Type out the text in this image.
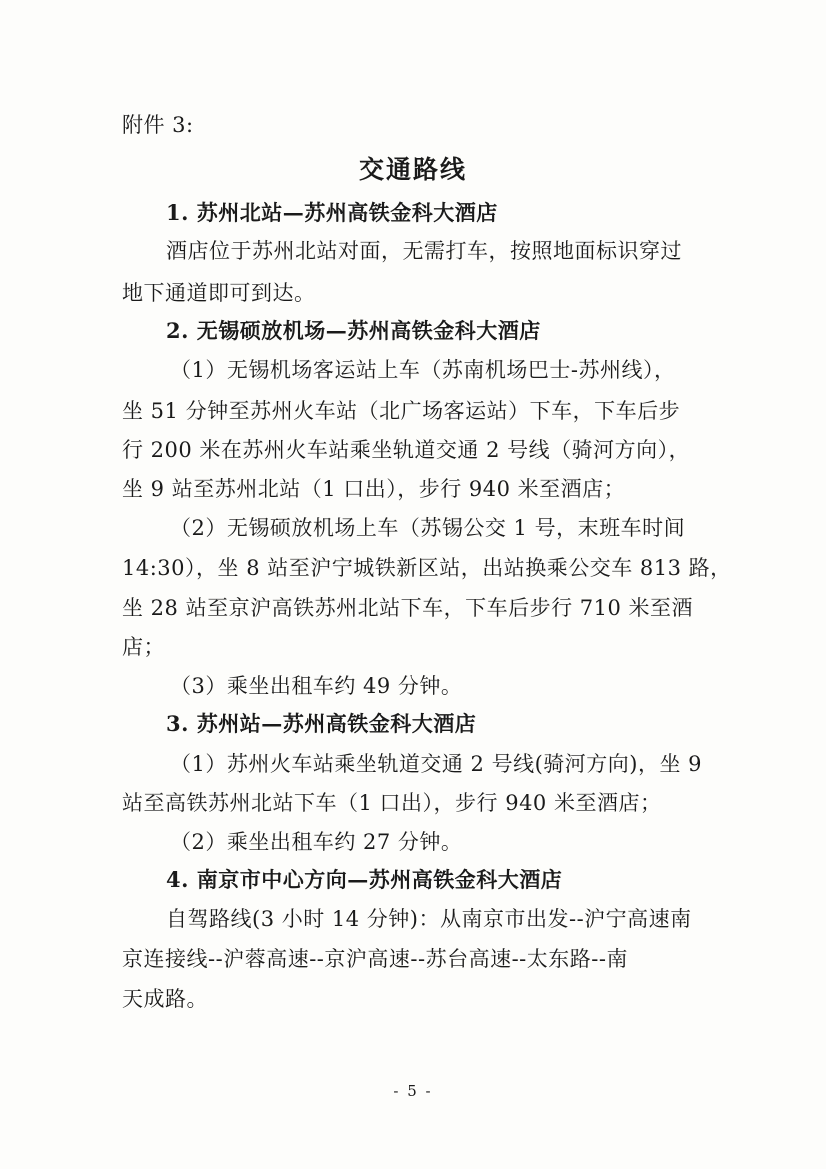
附件 3:
交通路线
1. 苏州北站—苏州高铁金科大酒店
酒店位于苏州北站对面，无需打车，按照地面标识穿过
地下通道即可到达。
2. 无锡硕放机场—苏州高铁金科大酒店
（1）无锡机场客运站上车（苏南机场巴士-苏州线），
坐 51 分钟至苏州火车站（北广场客运站）下车，下车后步
行 200 米在苏州火车站乘坐轨道交通 2 号线（骑河方向），
坐 9 站至苏州北站（1 口出），步行 940 米至酒店；
（2）无锡硕放机场上车（苏锡公交 1 号，末班车时间
14:30），坐 8 站至沪宁城铁新区站，出站换乘公交车 813 路，
坐 28 站至京沪高铁苏州北站下车，下车后步行 710 米至酒
店；
（3）乘坐出租车约 49 分钟。
3. 苏州站—苏州高铁金科大酒店
（1）苏州火车站乘坐轨道交通 2 号线(骑河方向)，坐 9
站至高铁苏州北站下车（1 口出），步行 940 米至酒店；
（2）乘坐出租车约 27 分钟。
4. 南京市中心方向—苏州高铁金科大酒店
自驾路线(3 小时 14 分钟)：从南京市出发--沪宁高速南
京连接线--沪蓉高速--京沪高速--苏台高速--太东路--南
天成路。
- 5 -
